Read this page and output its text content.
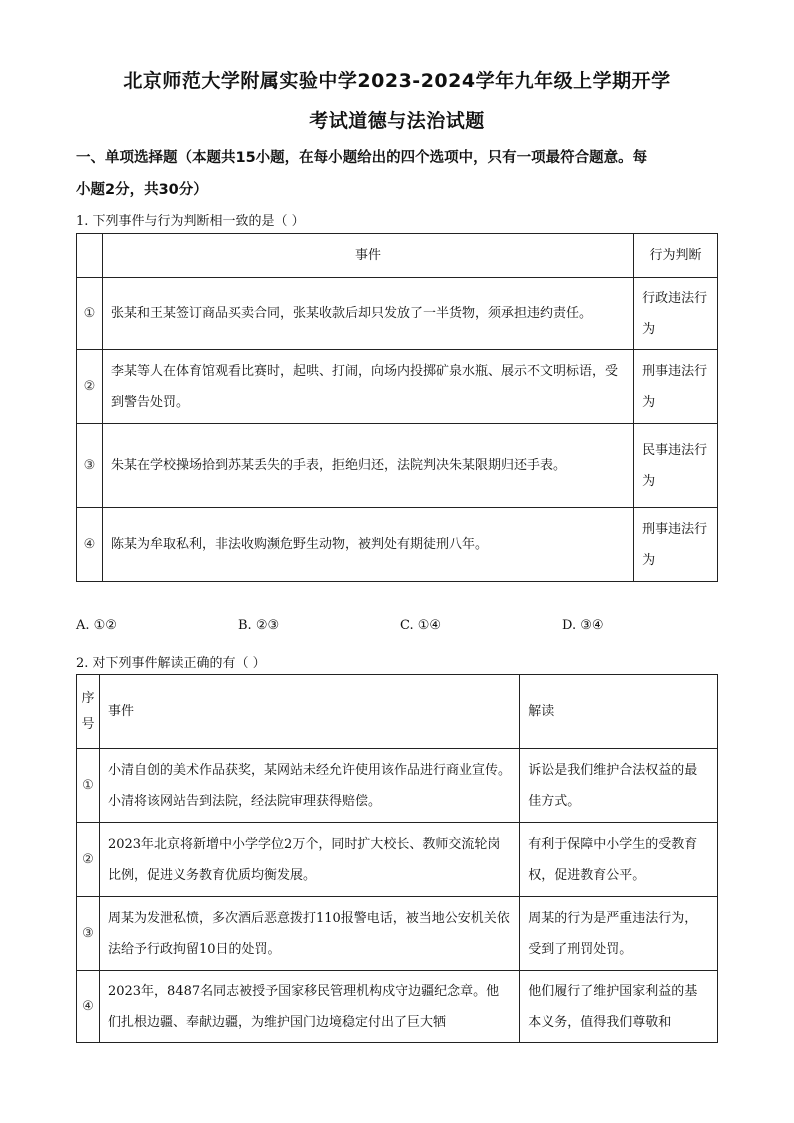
北京师范大学附属实验中学2023-2024学年九年级上学期开学
考试道德与法治试题
一、单项选择题（本题共15小题，在每小题给出的四个选项中，只有一项最符合题意。每
小题2分，共30分）
1. 下列事件与行为判断相一致的是（ ）
	事件	行为判断
①	张某和王某签订商品买卖合同，张某收款后却只发放了一半货物，须承担违约责任。	行政违法行为
②	李某等人在体育馆观看比赛时，起哄、打闹，向场内投掷矿泉水瓶、展示不文明标语，受到警告处罚。	刑事违法行为
③	朱某在学校操场拾到苏某丢失的手表，拒绝归还，法院判决朱某限期归还手表。	民事违法行为
④	陈某为牟取私利，非法收购濒危野生动物，被判处有期徒刑八年。	刑事违法行为
A. ①②	B. ②③	C. ①④	D. ③④
2. 对下列事件解读正确的有（ ）
序号	事件	解读
①	小清自创的美术作品获奖，某网站未经允许使用该作品进行商业宣传。小清将该网站告到法院，经法院审理获得赔偿。	诉讼是我们维护合法权益的最佳方式。
②	2023年北京将新增中小学学位2万个，同时扩大校长、教师交流轮岗比例，促进义务教育优质均衡发展。	有利于保障中小学生的受教育权，促进教育公平。
③	周某为发泄私愤，多次酒后恶意拨打110报警电话，被当地公安机关依法给予行政拘留10日的处罚。	周某的行为是严重违法行为，受到了刑罚处罚。
④	2023年，8487名同志被授予国家移民管理机构戍守边疆纪念章。他们扎根边疆、奉献边疆，为维护国门边境稳定付出了巨大牺	他们履行了维护国家利益的基本义务，值得我们尊敬和
